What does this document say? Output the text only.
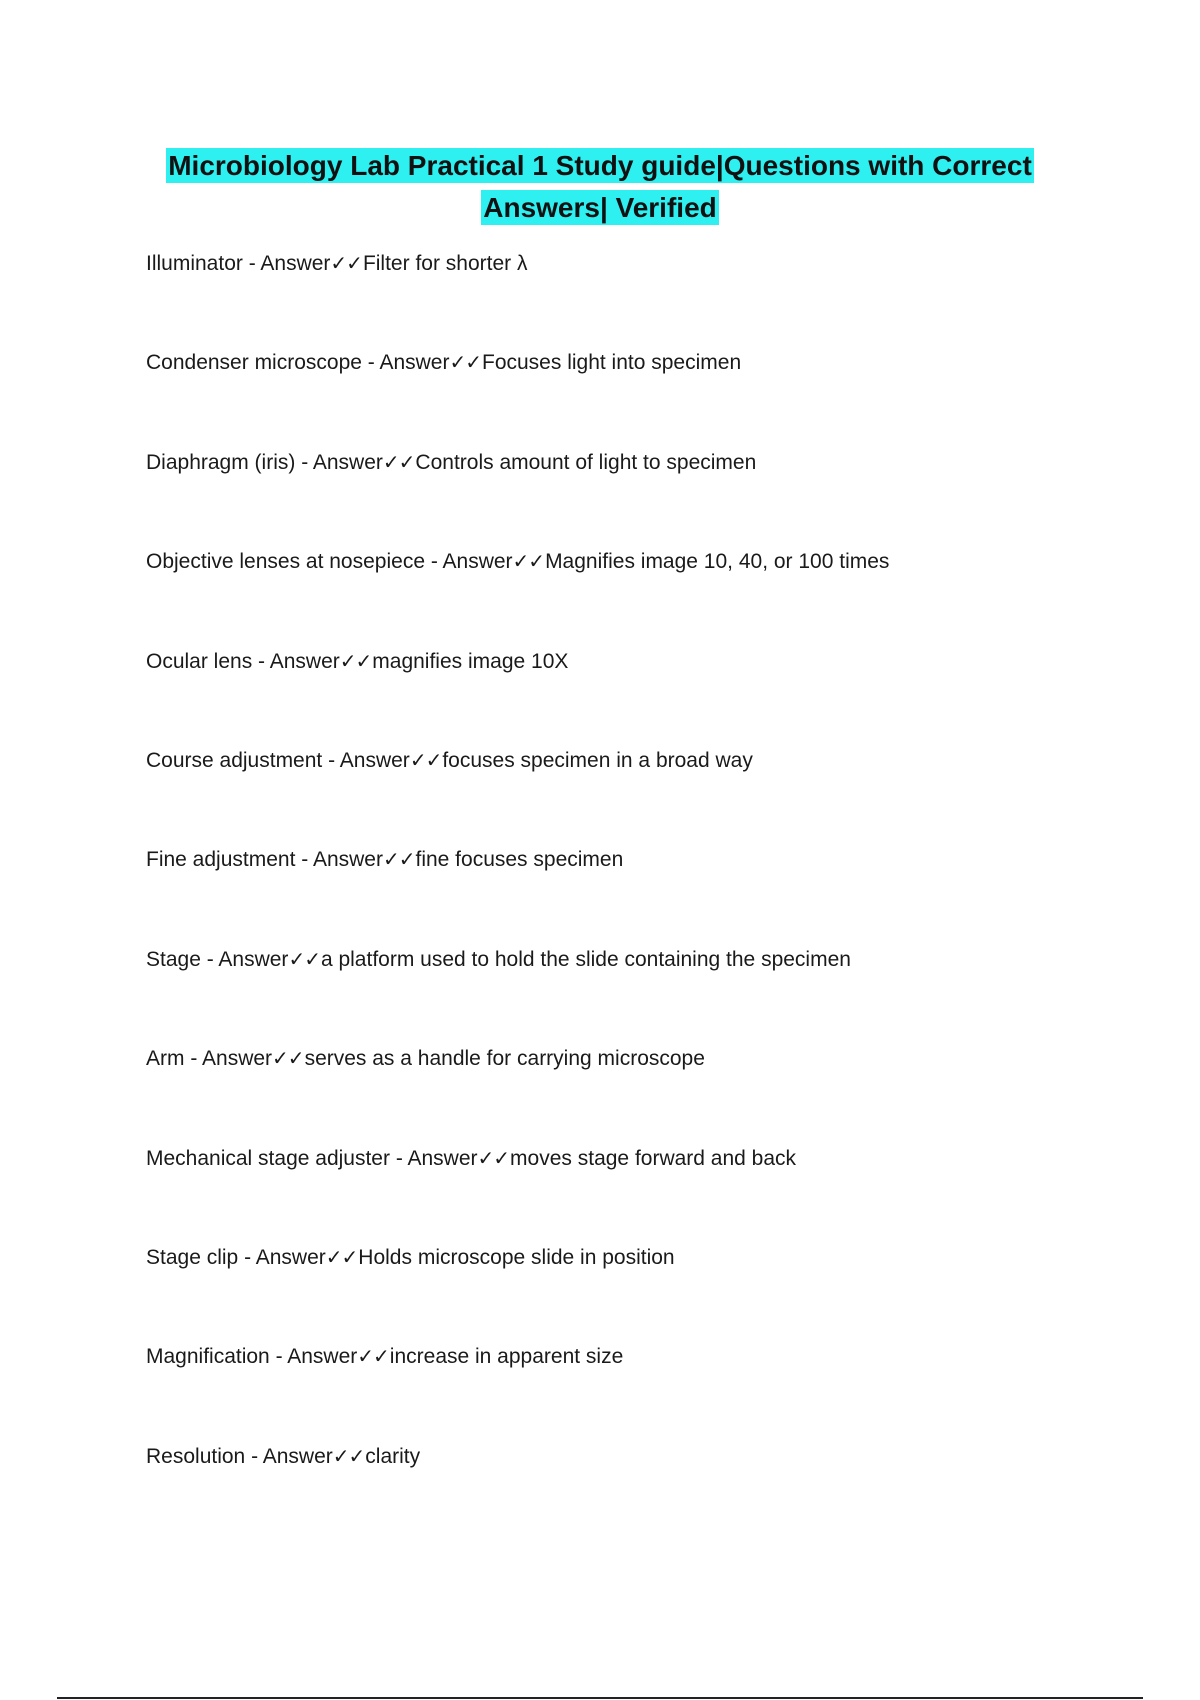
Microbiology Lab Practical 1 Study guide|Questions with Correct
Answers| Verified
Illuminator - Answer✓✓Filter for shorter λ
Condenser microscope - Answer✓✓Focuses light into specimen
Diaphragm (iris) - Answer✓✓Controls amount of light to specimen
Objective lenses at nosepiece - Answer✓✓Magnifies image 10, 40, or 100 times
Ocular lens - Answer✓✓magnifies image 10X
Course adjustment - Answer✓✓focuses specimen in a broad way
Fine adjustment - Answer✓✓fine focuses specimen
Stage - Answer✓✓a platform used to hold the slide containing the specimen
Arm - Answer✓✓serves as a handle for carrying microscope
Mechanical stage adjuster - Answer✓✓moves stage forward and back
Stage clip - Answer✓✓Holds microscope slide in position
Magnification - Answer✓✓increase in apparent size
Resolution - Answer✓✓clarity
